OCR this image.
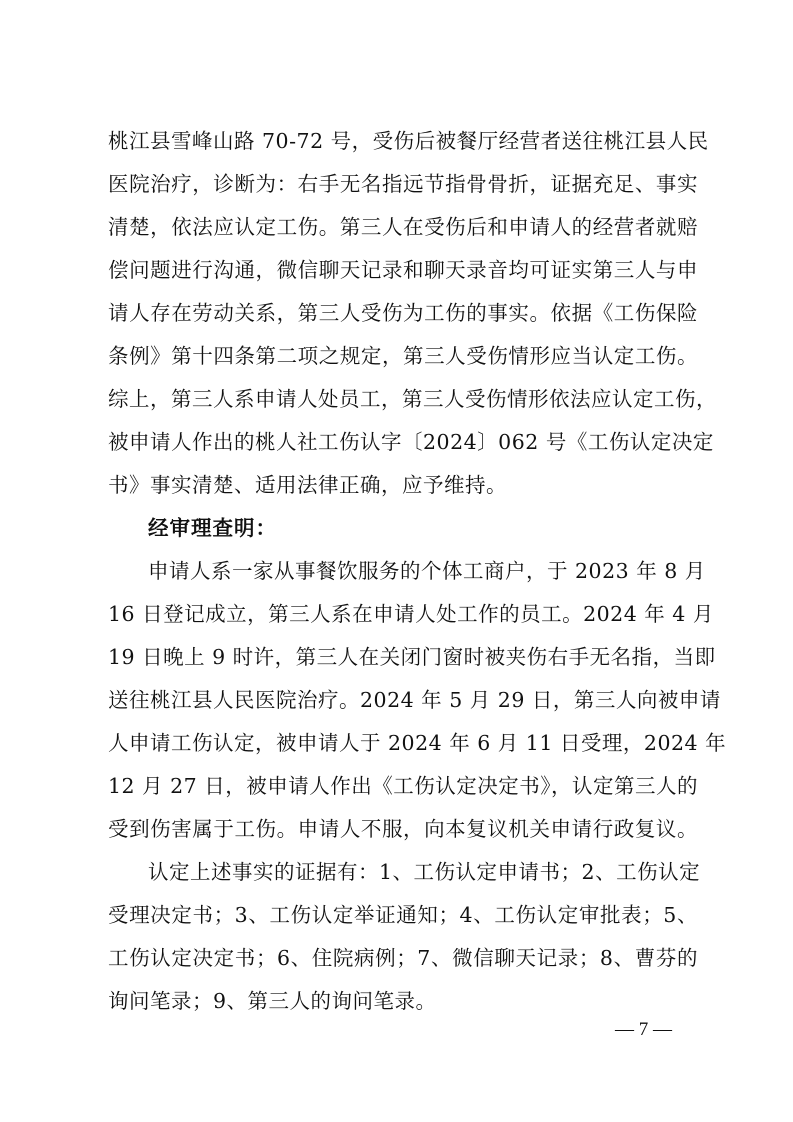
桃江县雪峰山路 70-72 号，受伤后被餐厅经营者送往桃江县人民
医院治疗，诊断为：右手无名指远节指骨骨折，证据充足、事实
清楚，依法应认定工伤。第三人在受伤后和申请人的经营者就赔
偿问题进行沟通，微信聊天记录和聊天录音均可证实第三人与申
请人存在劳动关系，第三人受伤为工伤的事实。依据《工伤保险
条例》第十四条第二项之规定，第三人受伤情形应当认定工伤。
综上，第三人系申请人处员工，第三人受伤情形依法应认定工伤，
被申请人作出的桃人社工伤认字〔2024〕062 号《工伤认定决定
书》事实清楚、适用法律正确，应予维持。
经审理查明：
申请人系一家从事餐饮服务的个体工商户，于 2023 年 8 月
16 日登记成立，第三人系在申请人处工作的员工。2024 年 4 月
19 日晚上 9 时许，第三人在关闭门窗时被夹伤右手无名指，当即
送往桃江县人民医院治疗。2024 年 5 月 29 日，第三人向被申请
人申请工伤认定，被申请人于 2024 年 6 月 11 日受理，2024 年
12 月 27 日，被申请人作出《工伤认定决定书》，认定第三人的
受到伤害属于工伤。申请人不服，向本复议机关申请行政复议。
认定上述事实的证据有：1、工伤认定申请书；2、工伤认定
受理决定书；3、工伤认定举证通知；4、工伤认定审批表；5、
工伤认定决定书；6、住院病例；7、微信聊天记录；8、曹芬的
询问笔录；9、第三人的询问笔录。
— 7 —
